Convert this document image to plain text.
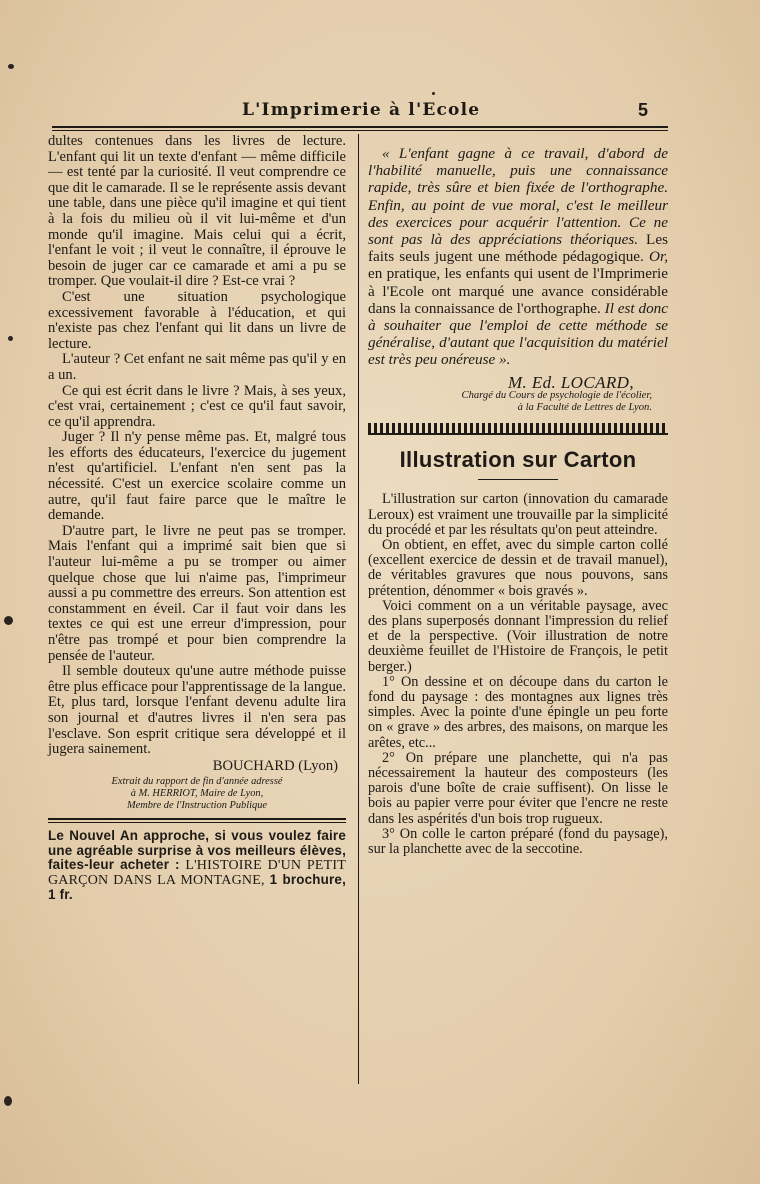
L'Imprimerie à l'Ecole	5

dultes contenues dans les livres de lecture. L'enfant qui lit un texte d'enfant — même difficile — est tenté par la curiosité. Il veut comprendre ce que dit le camarade. Il se le représente assis devant une table, dans une pièce qu'il imagine et qui tient à la fois du milieu où il vit lui-même et d'un monde qu'il imagine. Mais celui qui a écrit, l'enfant le voit ; il veut le connaître, il éprouve le besoin de juger car ce camarade et ami a pu se tromper. Que voulait-il dire ? Est-ce vrai ?

C'est une situation psychologique excessivement favorable à l'éducation, et qui n'existe pas chez l'enfant qui lit dans un livre de lecture.

L'auteur ? Cet enfant ne sait même pas qu'il y en a un.

Ce qui est écrit dans le livre ? Mais, à ses yeux, c'est vrai, certainement ; c'est ce qu'il faut savoir, ce qu'il apprendra.

Juger ? Il n'y pense même pas. Et, malgré tous les efforts des éducateurs, l'exercice du jugement n'est qu'artificiel. L'enfant n'en sent pas la nécessité. C'est un exercice scolaire comme un autre, qu'il faut faire parce que le maître le demande.

D'autre part, le livre ne peut pas se tromper. Mais l'enfant qui a imprimé sait bien que si l'auteur lui-même a pu se tromper ou aimer quelque chose que lui n'aime pas, l'imprimeur aussi a pu commettre des erreurs. Son attention est constamment en éveil. Car il faut voir dans les textes ce qui est une erreur d'impression, pour n'être pas trompé et pour bien comprendre la pensée de l'auteur.

Il semble douteux qu'une autre méthode puisse être plus efficace pour l'apprentissage de la langue. Et, plus tard, lorsque l'enfant devenu adulte lira son journal et d'autres livres il n'en sera pas l'esclave. Son esprit critique sera développé et il jugera sainement.

BOUCHARD (Lyon)

Extrait du rapport de fin d'année adressé
à M. HERRIOT, Maire de Lyon,
Membre de l'Instruction Publique

Le Nouvel An approche, si vous voulez faire une agréable surprise à vos meilleurs élèves, faites-leur acheter : L'HISTOIRE D'UN PETIT GARÇON DANS LA MONTAGNE, 1 brochure, 1 fr.

« L'enfant gagne à ce travail, d'abord de l'habilité manuelle, puis une connaissance rapide, très sûre et bien fixée de l'orthographe. Enfin, au point de vue moral, c'est le meilleur des exercices pour acquérir l'attention. Ce ne sont pas là des appréciations théoriques. Les faits seuls jugent une méthode pédagogique. Or, en pratique, les enfants qui usent de l'Imprimerie à l'Ecole ont marqué une avance considérable dans la connaissance de l'orthographe. Il est donc à souhaiter que l'emploi de cette méthode se généralise, d'autant que l'acquisition du matériel est très peu onéreuse ».

M. Ed. LOCARD,

Chargé du Cours de psychologie de l'écolier,
à la Faculté de Lettres de Lyon.
Illustration sur Carton

L'illustration sur carton (innovation du camarade Leroux) est vraiment une trouvaille par la simplicité du procédé et par les résultats qu'on peut atteindre.

On obtient, en effet, avec du simple carton collé (excellent exercice de dessin et de travail manuel), de véritables gravures que nous pouvons, sans prétention, dénommer « bois gravés ».

Voici comment on a un véritable paysage, avec des plans superposés donnant l'impression du relief et de la perspective. (Voir illustration de notre deuxième feuillet de l'Histoire de François, le petit berger.)

1° On dessine et on découpe dans du carton le fond du paysage : des montagnes aux lignes très simples. Avec la pointe d'une épingle un peu forte on « grave » des arbres, des maisons, on marque les arêtes, etc...

2° On prépare une planchette, qui n'a pas nécessairement la hauteur des composteurs (les parois d'une boîte de craie suffisent). On lisse le bois au papier verre pour éviter que l'encre ne reste dans les aspérités d'un bois trop rugueux.

3° On colle le carton préparé (fond du paysage), sur la planchette avec de la seccotine.
